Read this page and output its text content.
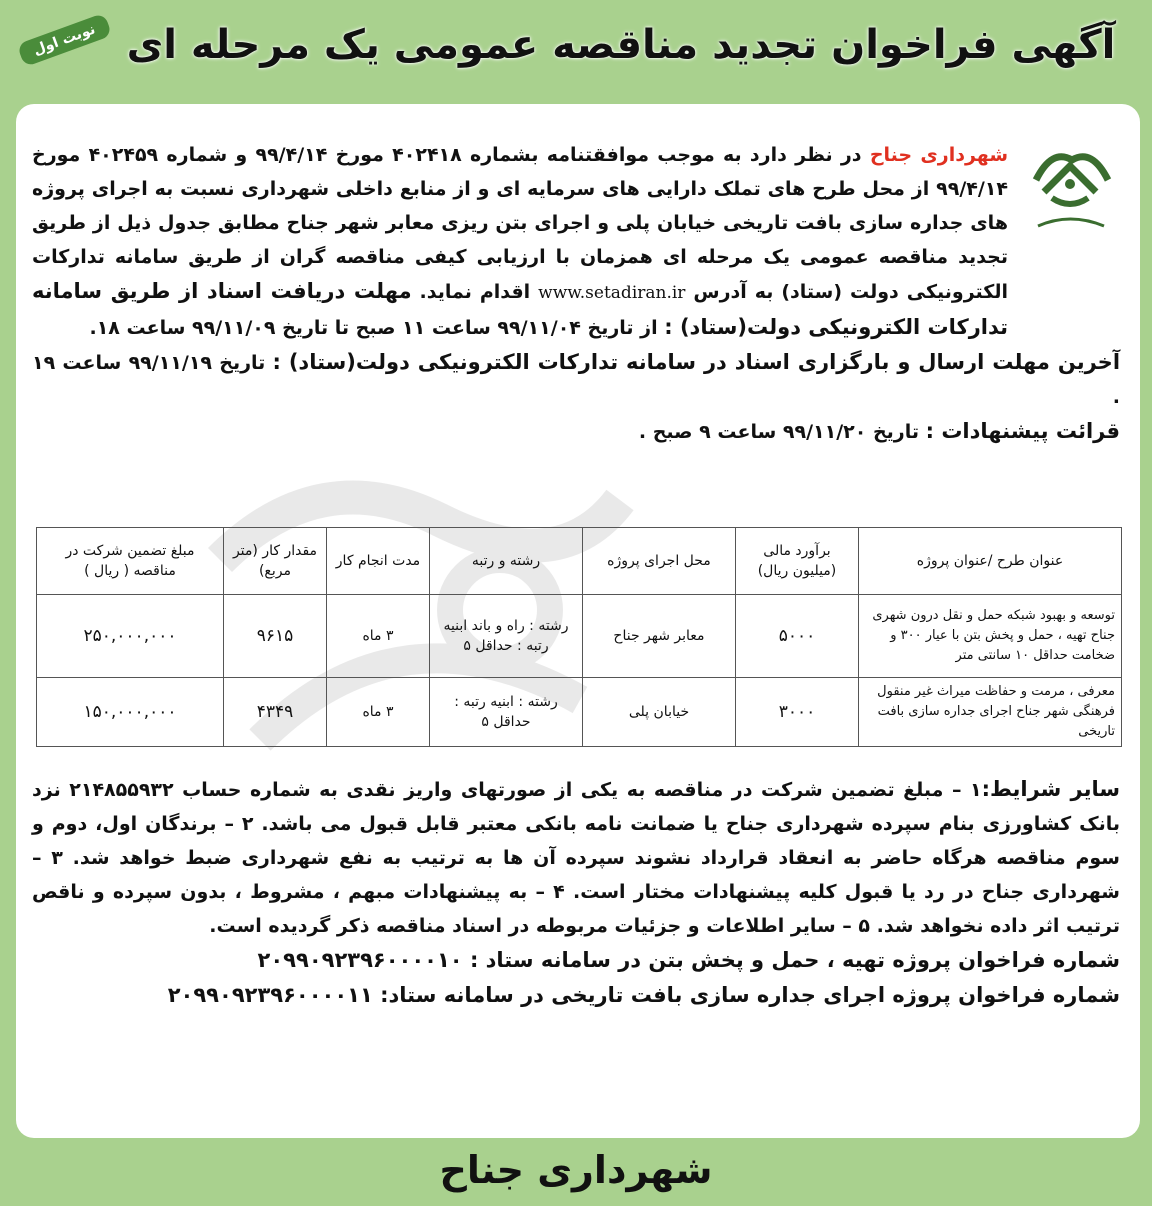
نوبت اول آگهی فراخوان تجدید مناقصه عمومی یک مرحله ای

شهرداری جناح در نظر دارد به موجب موافقتنامه بشماره ۴۰۲۴۱۸ مورخ ۹۹/۴/۱۴ و شماره ۴۰۲۴۵۹ مورخ ۹۹/۴/۱۴ از محل طرح های تملک دارایی های سرمایه ای و از منابع داخلی شهرداری نسبت به اجرای پروژه های جداره سازی بافت تاریخی خیابان پلی و اجرای بتن ریزی معابر شهر جناح مطابق جدول ذیل از طریق تجدید مناقصه عمومی یک مرحله ای همزمان با ارزیابی کیفی مناقصه گران از طریق سامانه تدارکات الکترونیکی دولت (ستاد) به آدرس www.setadiran.ir اقدام نماید. مهلت دریافت اسناد از طریق سامانه تدارکات الکترونیکی دولت(ستاد) : از تاریخ ۹۹/۱۱/۰۴ ساعت ۱۱ صبح تا تاریخ ۹۹/۱۱/۰۹ ساعت ۱۸.

آخرین مهلت ارسال و بارگزاری اسناد در سامانه تدارکات الکترونیکی دولت(ستاد) : تاریخ ۹۹/۱۱/۱۹ ساعت ۱۹ .

قرائت پیشنهادات : تاریخ ۹۹/۱۱/۲۰ ساعت ۹ صبح .

عنوان طرح /عنوان پروژه	برآورد مالی (میلیون ریال)	محل اجرای پروژه	رشته و رتبه	مدت انجام کار	مقدار کار (متر مربع)	مبلغ تضمین شرکت در مناقصه ( ریال )
توسعه و بهبود شبکه حمل و نقل درون شهری جناح تهیه ، حمل و پخش بتن با عیار ۳۰۰ و ضخامت حداقل ۱۰ سانتی متر	۵۰۰۰	معابر شهر جناح	رشته : راه و باند ابنیه رتبه : حداقل ۵	۳ ماه	۹۶۱۵	۲۵۰,۰۰۰,۰۰۰
معرفی ، مرمت و حفاظت میراث غیر منقول فرهنگی شهر جناح اجرای جداره سازی بافت تاریخی	۳۰۰۰	خیابان پلی	رشته : ابنیه رتبه : حداقل ۵	۳ ماه	۴۳۴۹	۱۵۰,۰۰۰,۰۰۰

سایر شرایط:۱ – مبلغ تضمین شرکت در مناقصه به یکی از صورتهای واریز نقدی به شماره حساب ۲۱۴۸۵۵۹۳۲ نزد بانک کشاورزی بنام سپرده شهرداری جناح یا ضمانت نامه بانکی معتبر قابل قبول می باشد. ۲ – برندگان اول، دوم و سوم مناقصه هرگاه حاضر به انعقاد قرارداد نشوند سپرده آن ها به ترتیب به نفع شهرداری ضبط خواهد شد. ۳ – شهرداری جناح در رد یا قبول کلیه پیشنهادات مختار است. ۴ – به پیشنهادات مبهم ، مشروط ، بدون سپرده و ناقص ترتیب اثر داده نخواهد شد. ۵ – سایر اطلاعات و جزئیات مربوطه در اسناد مناقصه ذکر گردیده است.

شماره فراخوان پروژه تهیه ، حمل و پخش بتن در سامانه ستاد : ۲۰۹۹۰۹۲۳۹۶۰۰۰۰۱۰

شماره فراخوان پروژه اجرای جداره سازی بافت تاریخی در سامانه ستاد: ۲۰۹۹۰۹۲۳۹۶۰۰۰۰۱۱

شهرداری جناح
